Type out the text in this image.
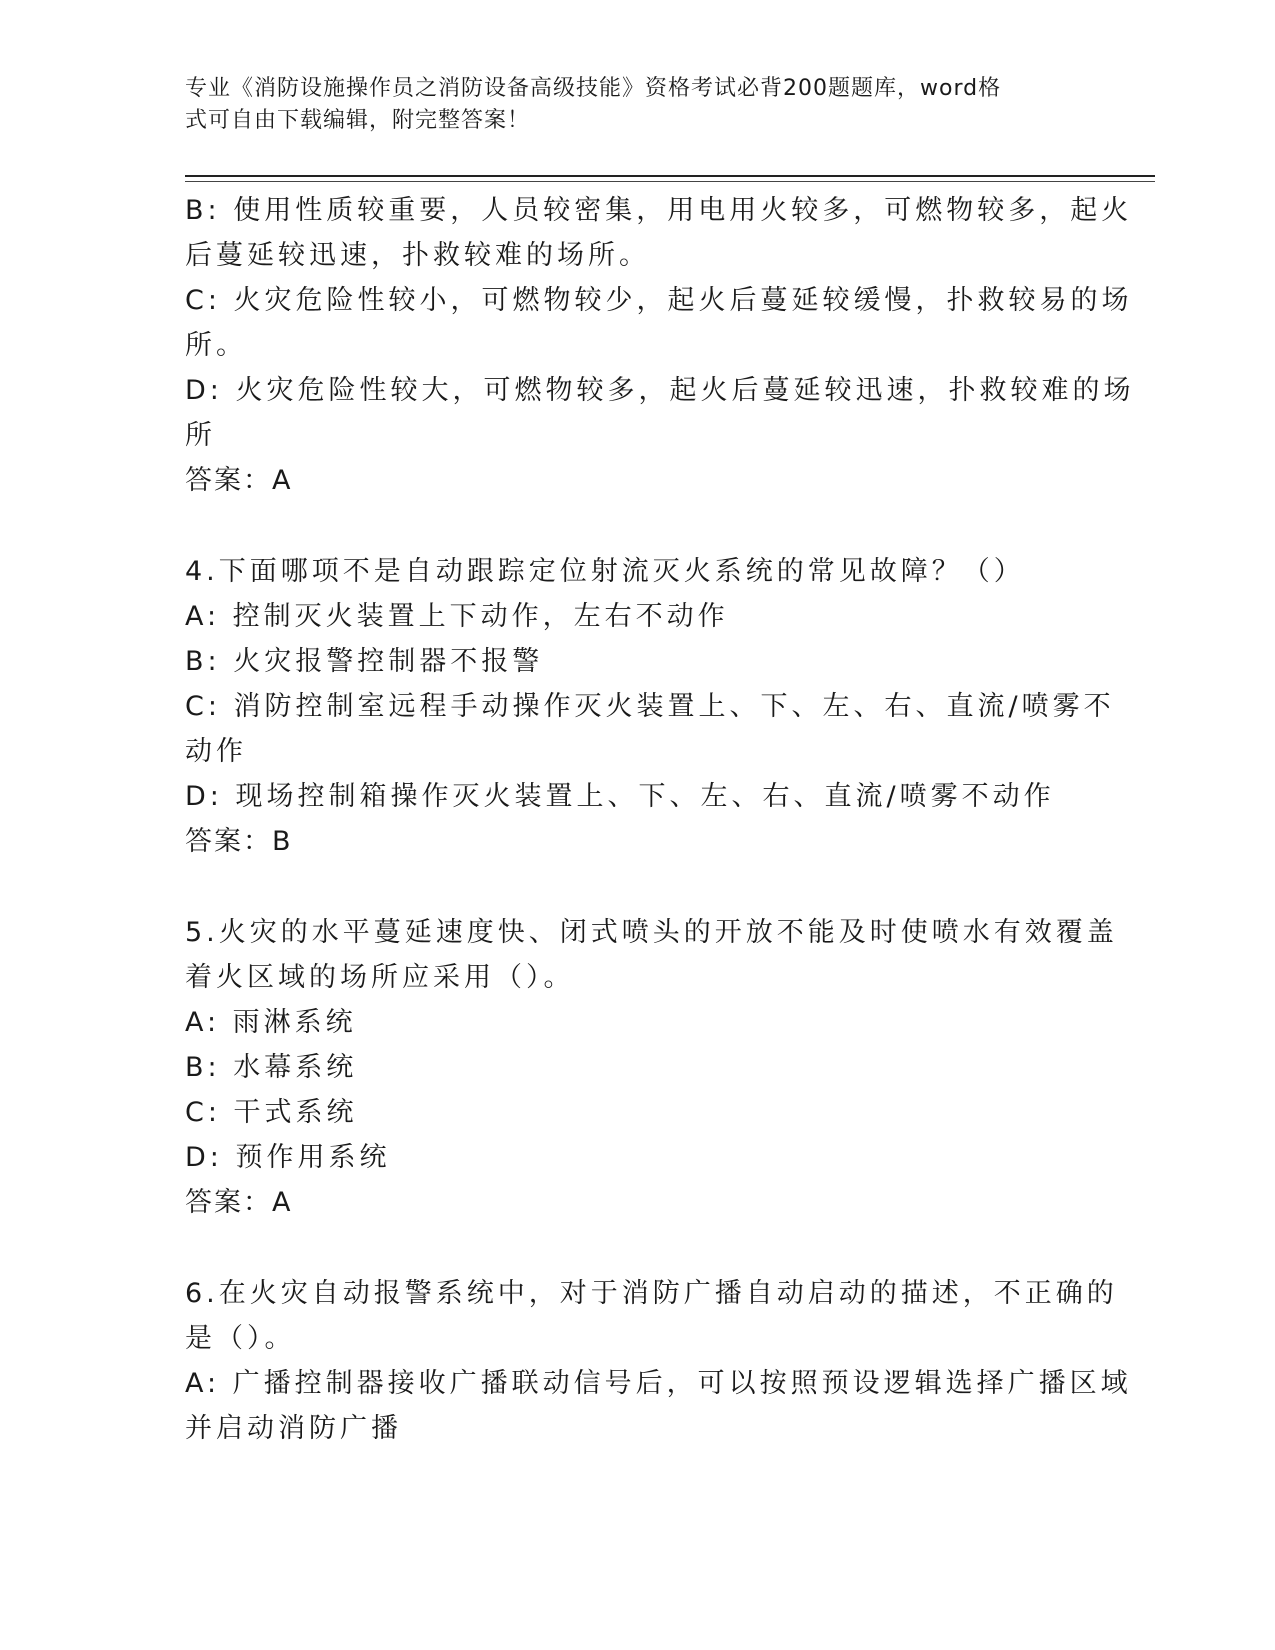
专业《消防设施操作员之消防设备高级技能》资格考试必背200题题库，word格
式可自由下载编辑，附完整答案！
B: 使用性质较重要，人员较密集，用电用火较多，可燃物较多，起火
后蔓延较迅速，扑救较难的场所。
C: 火灾危险性较小，可燃物较少，起火后蔓延较缓慢，扑救较易的场
所。
D: 火灾危险性较大，可燃物较多，起火后蔓延较迅速，扑救较难的场
所
答案：A
4.下面哪项不是自动跟踪定位射流灭火系统的常见故障？（）
A: 控制灭火装置上下动作，左右不动作
B: 火灾报警控制器不报警
C: 消防控制室远程手动操作灭火装置上、下、左、右、直流/喷雾不
动作
D: 现场控制箱操作灭火装置上、下、左、右、直流/喷雾不动作
答案：B
5.火灾的水平蔓延速度快、闭式喷头的开放不能及时使喷水有效覆盖
着火区域的场所应采用（）。
A: 雨淋系统
B: 水幕系统
C: 干式系统
D: 预作用系统
答案：A
6.在火灾自动报警系统中，对于消防广播自动启动的描述，不正确的
是（）。
A: 广播控制器接收广播联动信号后，可以按照预设逻辑选择广播区域
并启动消防广播
